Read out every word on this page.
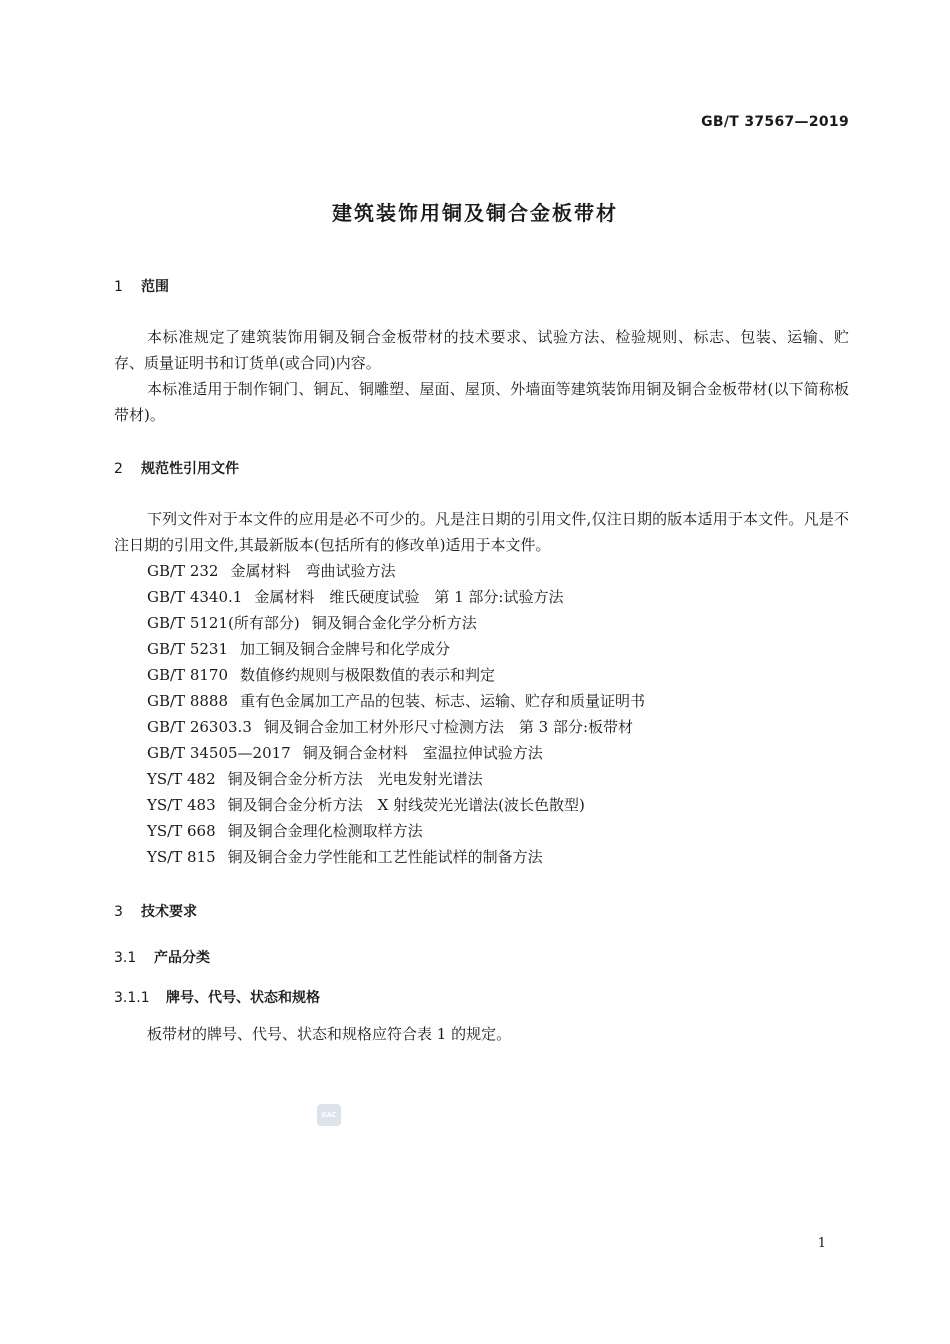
GB/T 37567—2019
建筑装饰用铜及铜合金板带材
1 范围
本标准规定了建筑装饰用铜及铜合金板带材的技术要求、试验方法、检验规则、标志、包装、运输、贮存、质量证明书和订货单(或合同)内容。
本标准适用于制作铜门、铜瓦、铜雕塑、屋面、屋顶、外墙面等建筑装饰用铜及铜合金板带材(以下简称板带材)。
2 规范性引用文件
下列文件对于本文件的应用是必不可少的。凡是注日期的引用文件,仅注日期的版本适用于本文件。凡是不注日期的引用文件,其最新版本(包括所有的修改单)适用于本文件。
GB/T 232 金属材料　弯曲试验方法
GB/T 4340.1 金属材料　维氏硬度试验　第 1 部分:试验方法
GB/T 5121(所有部分) 铜及铜合金化学分析方法
GB/T 5231 加工铜及铜合金牌号和化学成分
GB/T 8170 数值修约规则与极限数值的表示和判定
GB/T 8888 重有色金属加工产品的包装、标志、运输、贮存和质量证明书
GB/T 26303.3 铜及铜合金加工材外形尺寸检测方法　第 3 部分:板带材
GB/T 34505—2017 铜及铜合金材料　室温拉伸试验方法
YS/T 482 铜及铜合金分析方法　光电发射光谱法
YS/T 483 铜及铜合金分析方法　X 射线荧光光谱法(波长色散型)
YS/T 668 铜及铜合金理化检测取样方法
YS/T 815 铜及铜合金力学性能和工艺性能试样的制备方法
3 技术要求
3.1 产品分类
3.1.1 牌号、代号、状态和规格
板带材的牌号、代号、状态和规格应符合表 1 的规定。
SAC
1
